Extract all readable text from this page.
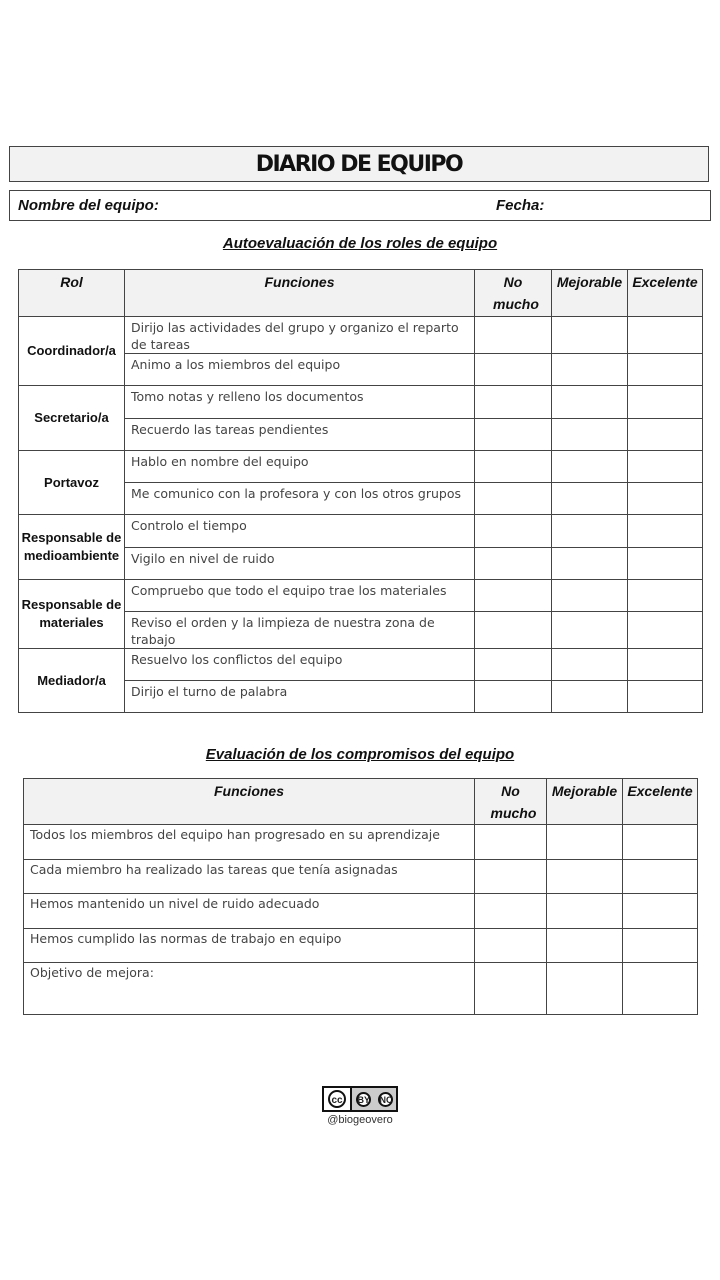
DIARIO DE EQUIPO
Nombre del equipo:	Fecha:
Autoevaluación de los roles de equipo
Rol	Funciones	No mucho	Mejorable	Excelente
Coordinador/a	Dirijo las actividades del grupo y organizo el reparto de tareas			
	Animo a los miembros del equipo			
Secretario/a	Tomo notas y relleno los documentos			
	Recuerdo las tareas pendientes			
Portavoz	Hablo en nombre del equipo			
	Me comunico con la profesora y con los otros grupos			
Responsable de medioambiente	Controlo el tiempo			
	Vigilo en nivel de ruido			
Responsable de materiales	Compruebo que todo el equipo trae los materiales			
	Reviso el orden y la limpieza de nuestra zona de trabajo			
Mediador/a	Resuelvo los conflictos del equipo			
	Dirijo el turno de palabra			
Evaluación de los compromisos del equipo
Funciones	No mucho	Mejorable	Excelente
Todos los miembros del equipo han progresado en su aprendizaje			
Cada miembro ha realizado las tareas que tenía asignadas			
Hemos mantenido un nivel de ruido adecuado			
Hemos cumplido las normas de trabajo en equipo			
Objetivo de mejora:			
cc	BY NC
@biogeovero
